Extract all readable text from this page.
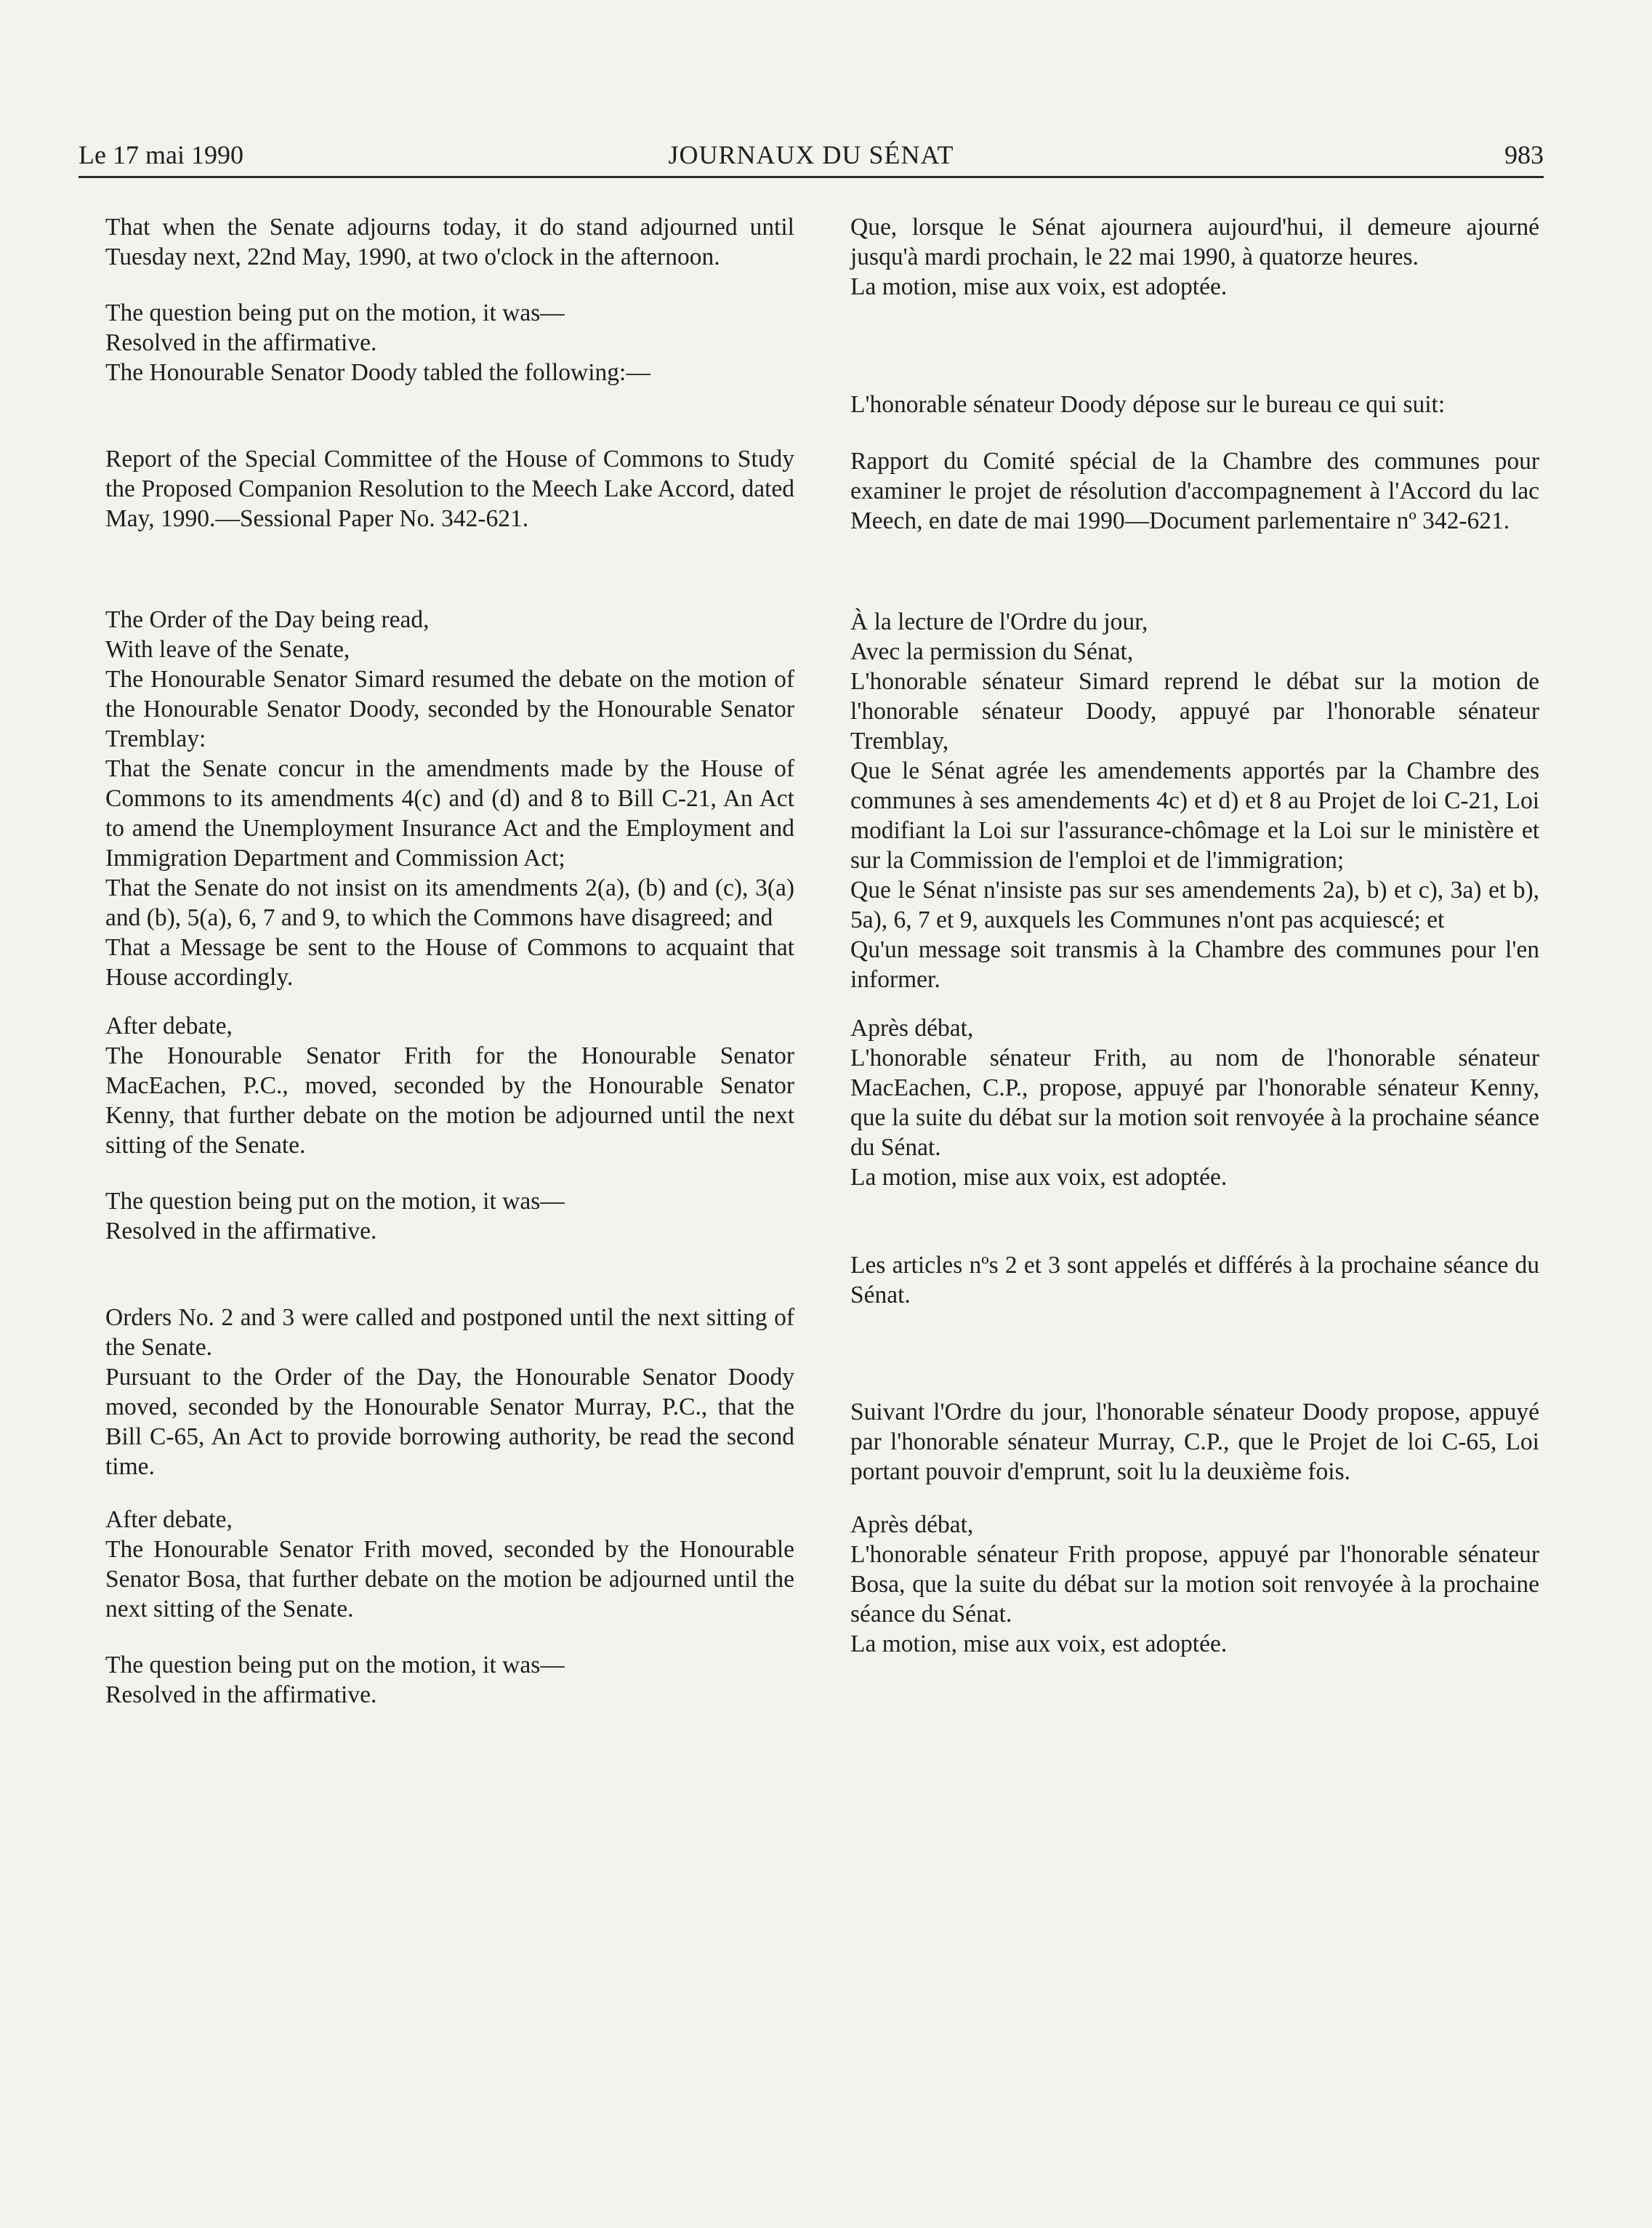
Le 17 mai 1990	JOURNAUX DU SÉNAT	983

That when the Senate adjourns today, it do stand adjourned until Tuesday next, 22nd May, 1990, at two o'clock in the afternoon.

The question being put on the motion, it was—

Resolved in the affirmative.

The Honourable Senator Doody tabled the following:—

Report of the Special Committee of the House of Commons to Study the Proposed Companion Resolution to the Meech Lake Accord, dated May, 1990.—Sessional Paper No. 342-621.

The Order of the Day being read,

With leave of the Senate,

The Honourable Senator Simard resumed the debate on the motion of the Honourable Senator Doody, seconded by the Honourable Senator Tremblay:

That the Senate concur in the amendments made by the House of Commons to its amendments 4(c) and (d) and 8 to Bill C-21, An Act to amend the Unemployment Insurance Act and the Employment and Immigration Department and Commission Act;

That the Senate do not insist on its amendments 2(a), (b) and (c), 3(a) and (b), 5(a), 6, 7 and 9, to which the Commons have disagreed; and

That a Message be sent to the House of Commons to acquaint that House accordingly.

After debate,

The Honourable Senator Frith for the Honourable Senator MacEachen, P.C., moved, seconded by the Honourable Senator Kenny, that further debate on the motion be adjourned until the next sitting of the Senate.

The question being put on the motion, it was—

Resolved in the affirmative.

Orders No. 2 and 3 were called and postponed until the next sitting of the Senate.

Pursuant to the Order of the Day, the Honourable Senator Doody moved, seconded by the Honourable Senator Murray, P.C., that the Bill C-65, An Act to provide borrowing authority, be read the second time.

After debate,

The Honourable Senator Frith moved, seconded by the Honourable Senator Bosa, that further debate on the motion be adjourned until the next sitting of the Senate.

The question being put on the motion, it was—

Resolved in the affirmative.

Que, lorsque le Sénat ajournera aujourd'hui, il demeure ajourné jusqu'à mardi prochain, le 22 mai 1990, à quatorze heures.

La motion, mise aux voix, est adoptée.

L'honorable sénateur Doody dépose sur le bureau ce qui suit:

Rapport du Comité spécial de la Chambre des communes pour examiner le projet de résolution d'accompagnement à l'Accord du lac Meech, en date de mai 1990—Document parlementaire nº 342-621.

À la lecture de l'Ordre du jour,

Avec la permission du Sénat,

L'honorable sénateur Simard reprend le débat sur la motion de l'honorable sénateur Doody, appuyé par l'honorable sénateur Tremblay,

Que le Sénat agrée les amendements apportés par la Chambre des communes à ses amendements 4c) et d) et 8 au Projet de loi C-21, Loi modifiant la Loi sur l'assurance-chômage et la Loi sur le ministère et sur la Commission de l'emploi et de l'immigration;

Que le Sénat n'insiste pas sur ses amendements 2a), b) et c), 3a) et b), 5a), 6, 7 et 9, auxquels les Communes n'ont pas acquiescé; et

Qu'un message soit transmis à la Chambre des communes pour l'en informer.

Après débat,

L'honorable sénateur Frith, au nom de l'honorable sénateur MacEachen, C.P., propose, appuyé par l'honorable sénateur Kenny, que la suite du débat sur la motion soit renvoyée à la prochaine séance du Sénat.

La motion, mise aux voix, est adoptée.

Les articles nºs 2 et 3 sont appelés et différés à la prochaine séance du Sénat.

Suivant l'Ordre du jour, l'honorable sénateur Doody propose, appuyé par l'honorable sénateur Murray, C.P., que le Projet de loi C-65, Loi portant pouvoir d'emprunt, soit lu la deuxième fois.

Après débat,

L'honorable sénateur Frith propose, appuyé par l'honorable sénateur Bosa, que la suite du débat sur la motion soit renvoyée à la prochaine séance du Sénat.

La motion, mise aux voix, est adoptée.
